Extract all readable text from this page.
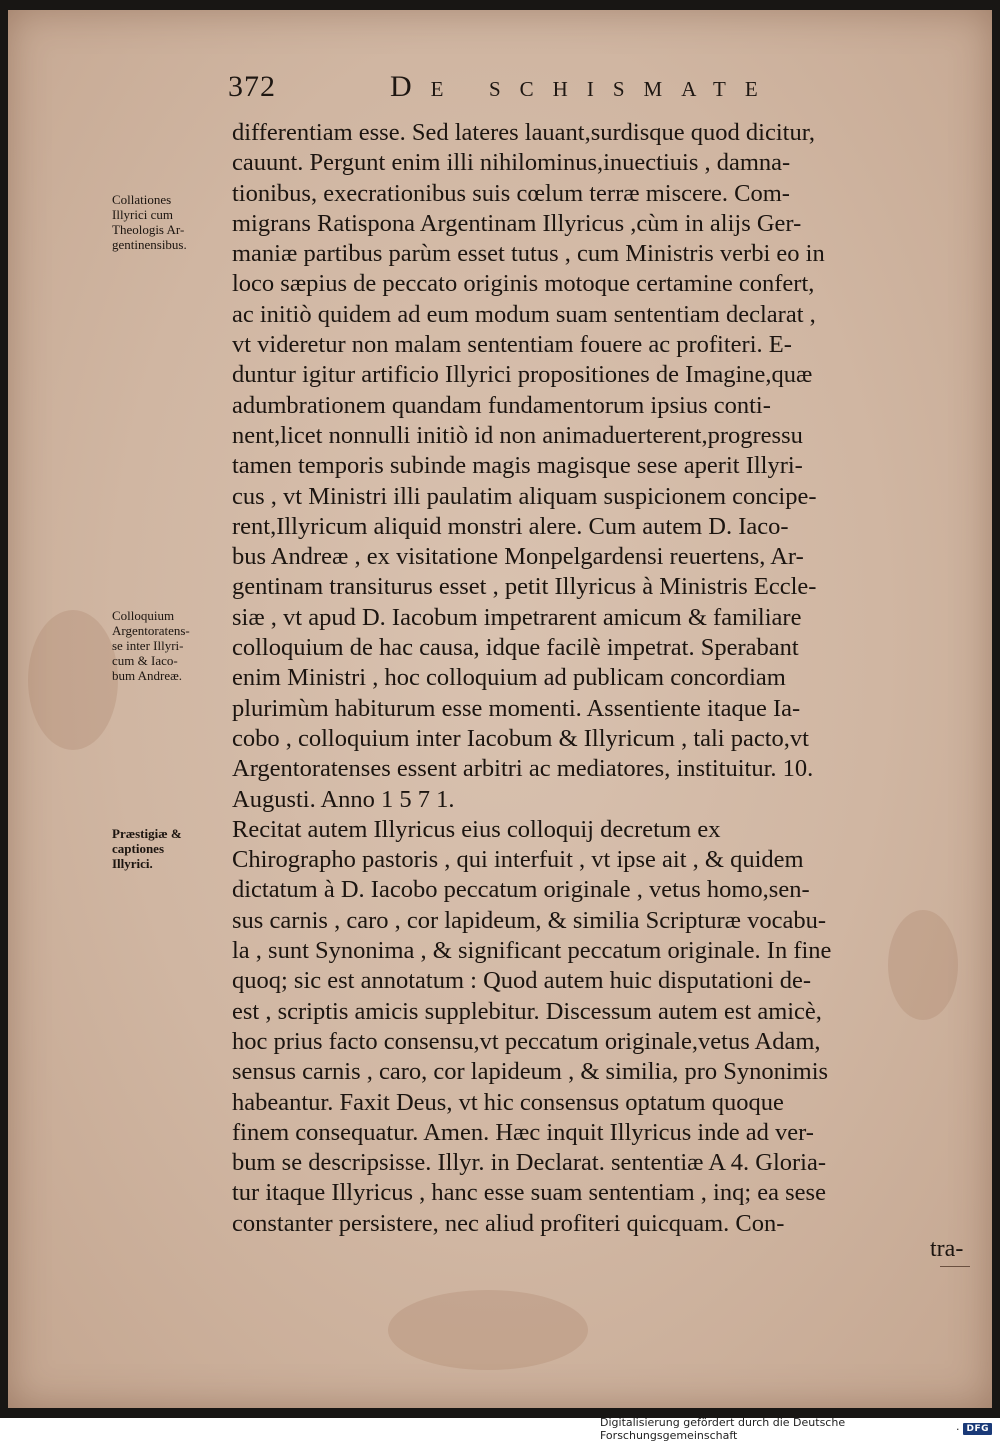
372	De schismate
Collationes
Illyrici cum
Theologis Ar-
gentinensibus.
Colloquium
Argentoratens-
se inter Illyri-
cum & Iaco-
bum Andreæ.
Præstigiæ &
captiones
Illyrici.
differentiam esse. Sed lateres lauant,surdisque quod dicitur,
cauunt. Pergunt enim illi nihilominus,inuectiuis , damna-
tionibus, execrationibus suis cœlum terræ miscere. Com-
migrans Ratispona Argentinam Illyricus ,cùm in alijs Ger-
maniæ partibus parùm esset tutus , cum Ministris verbi eo in
loco sæpius de peccato originis motoque certamine confert,
ac initiò quidem ad eum modum suam sententiam declarat ,
vt videretur non malam sententiam fouere ac profiteri. E-
duntur igitur artificio Illyrici propositiones de Imagine,quæ
adumbrationem quandam fundamentorum ipsius conti-
nent,licet nonnulli initiò id non animaduerterent,progressu
tamen temporis subinde magis magisque sese aperit Illyri-
cus , vt Ministri illi paulatim aliquam suspicionem concipe-
rent,Illyricum aliquid monstri alere. Cum autem D. Iaco-
bus Andreæ , ex visitatione Monpelgardensi reuertens, Ar-
gentinam transiturus esset , petit Illyricus à Ministris Eccle-
siæ , vt apud D. Iacobum impetrarent amicum & familiare
colloquium de hac causa, idque facilè impetrat. Sperabant
enim Ministri , hoc colloquium ad publicam concordiam
plurimùm habiturum esse momenti. Assentiente itaque Ia-
cobo , colloquium inter Iacobum & Illyricum , tali pacto,vt
Argentoratenses essent arbitri ac mediatores, instituitur. 10.
Augusti. Anno 1 5 7 1.
Recitat autem Illyricus eius colloquij decretum ex
Chirographo pastoris , qui interfuit , vt ipse ait , & quidem
dictatum à D. Iacobo peccatum originale , vetus homo,sen-
sus carnis , caro , cor lapideum, & similia Scripturæ vocabu-
la , sunt Synonima , & significant peccatum originale. In fine
quoq; sic est annotatum : Quod autem huic disputationi de-
est , scriptis amicis supplebitur. Discessum autem est amicè,
hoc prius facto consensu,vt peccatum originale,vetus Adam,
sensus carnis , caro, cor lapideum , & similia, pro Synonimis
habeantur. Faxit Deus, vt hic consensus optatum quoque
finem consequatur. Amen. Hæc inquit Illyricus inde ad ver-
bum se descripsisse. Illyr. in Declarat. sententiæ A 4. Gloria-
tur itaque Illyricus , hanc esse suam sententiam , inq; ea sese
constanter persistere, nec aliud profiteri quicquam. Con-
tra-
Digitalisierung gefördert durch die Deutsche Forschungsgemeinschaft	· DFG
